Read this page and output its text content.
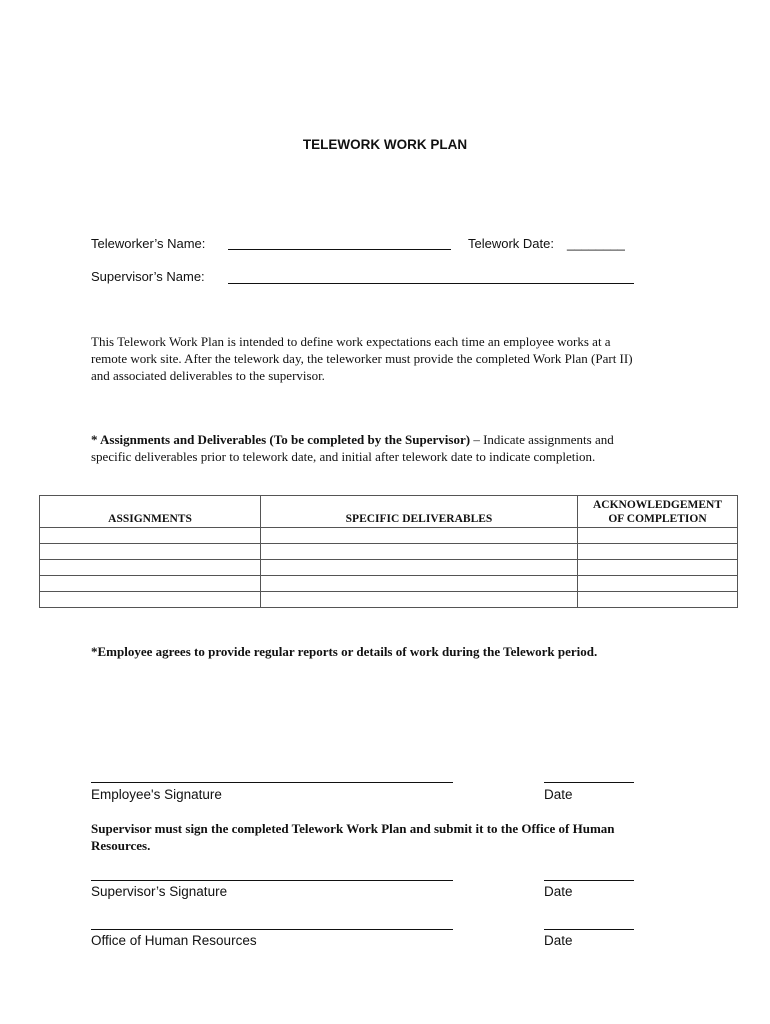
TELEWORK WORK PLAN
Teleworker’s Name:	Telework Date: ________
Supervisor’s Name:
This Telework Work Plan is intended to define work expectations each time an employee works at a
remote work site. After the telework day, the teleworker must provide the completed Work Plan (Part II)
and associated deliverables to the supervisor.
* Assignments and Deliverables (To be completed by the Supervisor) – Indicate assignments and
specific deliverables prior to telework date, and initial after telework date to indicate completion.
ASSIGNMENTS	SPECIFIC DELIVERABLES	ACKNOWLEDGEMENT
OF COMPLETION

*Employee agrees to provide regular reports or details of work during the Telework period.
Employee's Signature	Date
Supervisor must sign the completed Telework Work Plan and submit it to the Office of Human
Resources.
Supervisor’s Signature	Date
Office of Human Resources	Date
